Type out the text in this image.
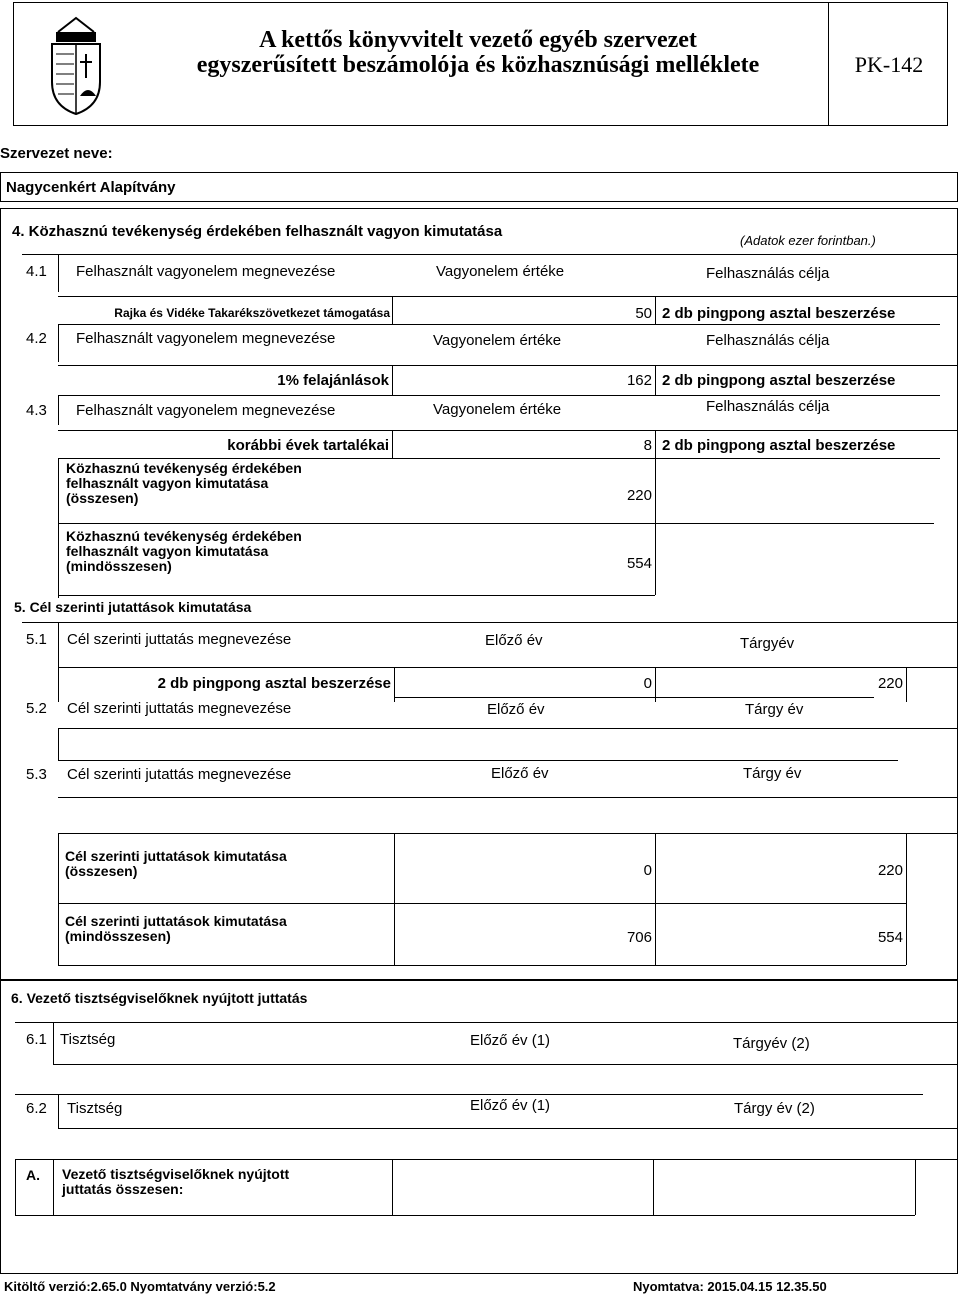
A kettős könyvvitelt vezető egyéb szervezet
egyszerűsített beszámolója és közhasznúsági melléklete	PK-142
Szervezet neve:
Nagycenkért Alapítvány
4. Közhasznú tevékenység érdekében felhasznált vagyon kimutatása
(Adatok ezer forintban.)
4.1 Felhasznált vagyonelem megnevezése	Vagyonelem értéke	Felhasználás célja
Rajka és Vidéke Takarékszövetkezet támogatása	50 2 db pingpong asztal beszerzése
4.2 Felhasznált vagyonelem megnevezése	Vagyonelem értéke	Felhasználás célja
1% felajánlások	162 2 db pingpong asztal beszerzése
4.3 Felhasznált vagyonelem megnevezése	Vagyonelem értéke	Felhasználás célja
korábbi évek tartalékai	8 2 db pingpong asztal beszerzése
Közhasznú tevékenység érdekében
felhasznált vagyon kimutatása
(összesen)	220
Közhasznú tevékenység érdekében
felhasznált vagyon kimutatása
(mindösszesen)	554
5. Cél szerinti jutattások kimutatása
5.1 Cél szerinti juttatás megnevezése	Előző év	Tárgyév
2 db pingpong asztal beszerzése	0	220
5.2 Cél szerinti juttatás megnevezése	Előző év	Tárgy év
5.3 Cél szerinti jutattás megnevezése	Előző év	Tárgy év
Cél szerinti juttatások kimutatása
(összesen)	0	220
Cél szerinti juttatások kimutatása
(mindösszesen)	706	554
6. Vezető tisztségviselőknek nyújtott juttatás
6.1 Tisztség	Előző év (1)	Tárgyév (2)
6.2 Tisztség	Előző év (1)	Tárgy év (2)
A. Vezető tisztségviselőknek nyújtott
juttatás összesen:
Kitöltő verzió:2.65.0 Nyomtatvány verzió:5.2	Nyomtatva: 2015.04.15 12.35.50
